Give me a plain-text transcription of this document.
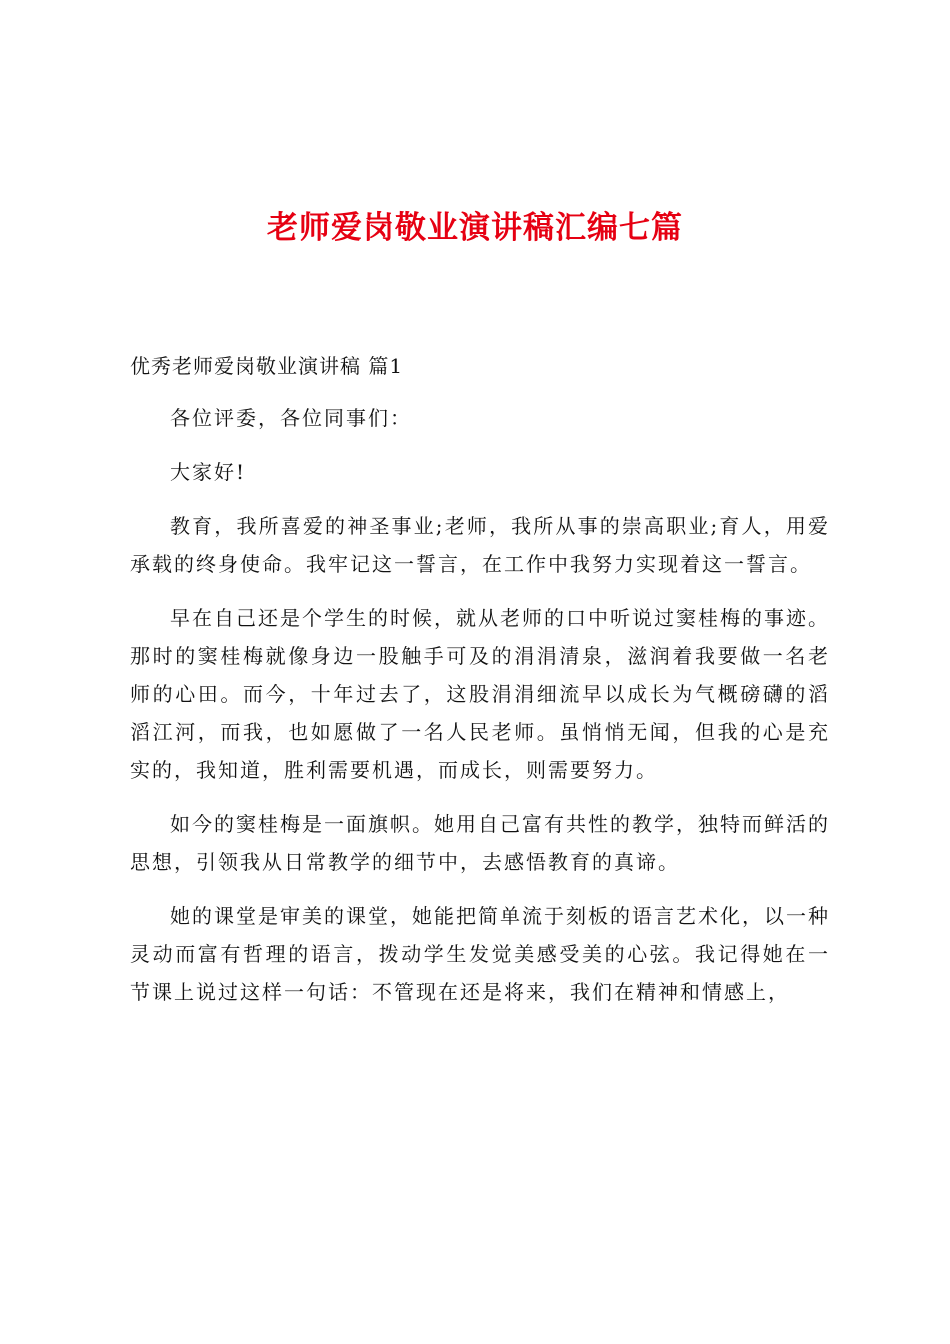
老师爱岗敬业演讲稿汇编七篇
优秀老师爱岗敬业演讲稿 篇1

各位评委，各位同事们：

大家好!

教育，我所喜爱的神圣事业;老师，我所从事的崇高职业;育人，用爱承载的终身使命。我牢记这一誓言，在工作中我努力实现着这一誓言。

早在自己还是个学生的时候，就从老师的口中听说过窦桂梅的事迹。那时的窦桂梅就像身边一股触手可及的涓涓清泉，滋润着我要做一名老师的心田。而今，十年过去了，这股涓涓细流早以成长为气概磅礴的滔滔江河，而我，也如愿做了一名人民老师。虽悄悄无闻，但我的心是充实的，我知道，胜利需要机遇，而成长，则需要努力。

如今的窦桂梅是一面旗帜。她用自己富有共性的教学，独特而鲜活的思想，引领我从日常教学的细节中，去感悟教育的真谛。

她的课堂是审美的课堂，她能把简单流于刻板的语言艺术化，以一种灵动而富有哲理的语言，拨动学生发觉美感受美的心弦。我记得她在一节课上说过这样一句话：不管现在还是将来，我们在精神和情感上，
